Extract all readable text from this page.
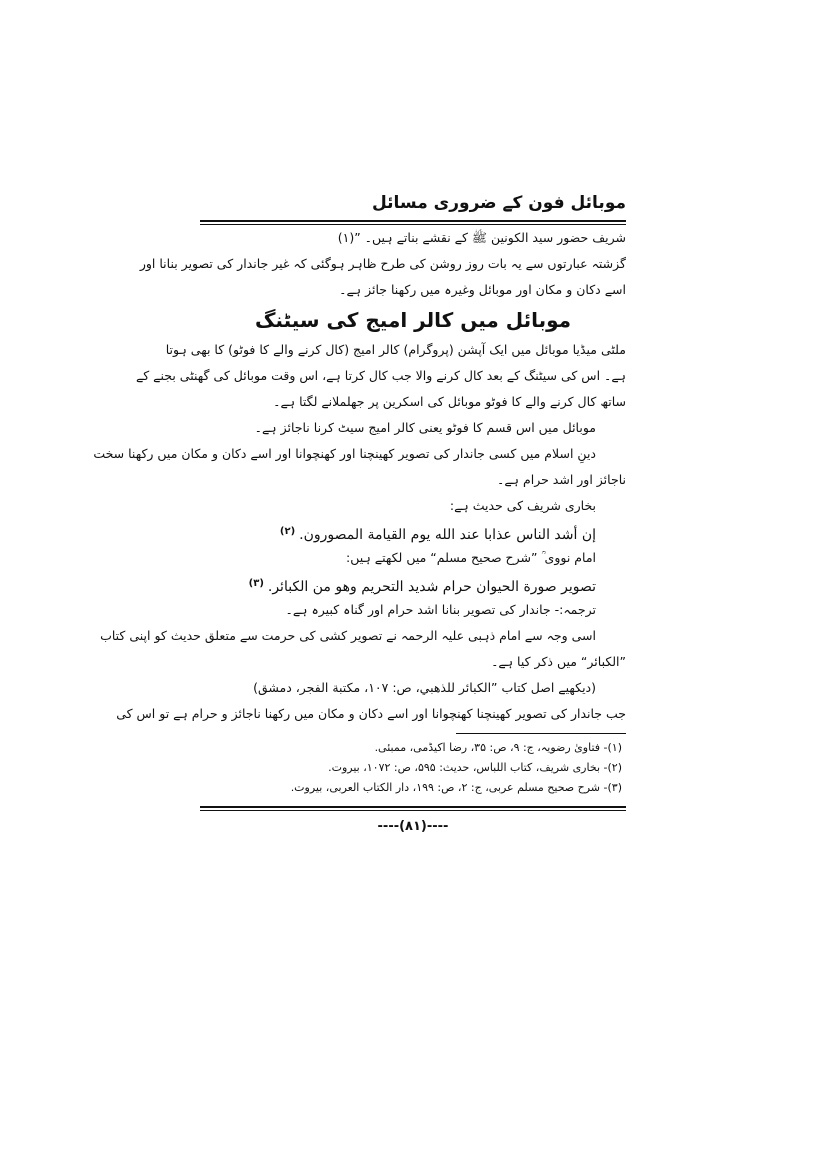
موبائل فون کے ضروری مسائل
شریف حضور سید الکونین ﷺ کے نقشے بناتے ہیں۔ ”(۱)
گزشتہ عبارتوں سے یہ بات روز روشن کی طرح ظاہر ہوگئی کہ غیر جاندار کی تصویر بنانا اور
اسے دکان و مکان اور موبائل وغیرہ میں رکھنا جائز ہے۔
موبائل میں کالر امیج کی سیٹنگ
ملٹی میڈیا موبائل میں ایک آپشن (پروگرام) کالر امیج (کال کرنے والے کا فوٹو) کا بھی ہوتا
ہے۔ اس کی سیٹنگ کے بعد کال کرنے والا جب کال کرتا ہے، اس وقت موبائل کی گھنٹی بجنے کے
ساتھ کال کرنے والے کا فوٹو موبائل کی اسکرین پر جھلملانے لگتا ہے۔
موبائل میں اس قسم کا فوٹو یعنی کالر امیج سیٹ کرنا ناجائز ہے۔
دینِ اسلام میں کسی جاندار کی تصویر کھینچنا اور کھنچوانا اور اسے دکان و مکان میں رکھنا سخت
ناجائز اور اشد حرام ہے۔
بخاری شریف کی حدیث ہے:
إن أشد الناس عذابا عند الله يوم القيامة المصورون. $^{(۲)}$
امام نووی ؒ ”شرح صحیح مسلم“ میں لکھتے ہیں:
تصوير صورة الحيوان حرام شديد التحريم وهو من الكبائر. $^{(۳)}$
ترجمہ:- جاندار کی تصویر بنانا اشد حرام اور گناہ کبیرہ ہے۔
اسی وجہ سے امام ذہبی علیہ الرحمہ نے تصویر کشی کی حرمت سے متعلق حدیث کو اپنی کتاب
”الکبائر“ میں ذکر کیا ہے۔
(دیکھیے اصل کتاب ”الكبائر للذهبي، ص: ۱۰۷، مكتبة الفجر، دمشق)
جب جاندار کی تصویر کھینچنا کھنچوانا اور اسے دکان و مکان میں رکھنا ناجائز و حرام ہے تو اس کی
(۱)- فتاویٰ رضویہ، ج: ۹، ص: ۳۵، رضا اکیڈمی، ممبئی.
(۲)- بخاری شریف، کتاب اللباس، حدیث: ۵۹۵، ص: ۱۰۷۲، بیروت.
(۳)- شرح صحیح مسلم عربی، ج: ۲، ص: ۱۹۹، دار الکتاب العربی، بیروت.
----(۸۱)----
